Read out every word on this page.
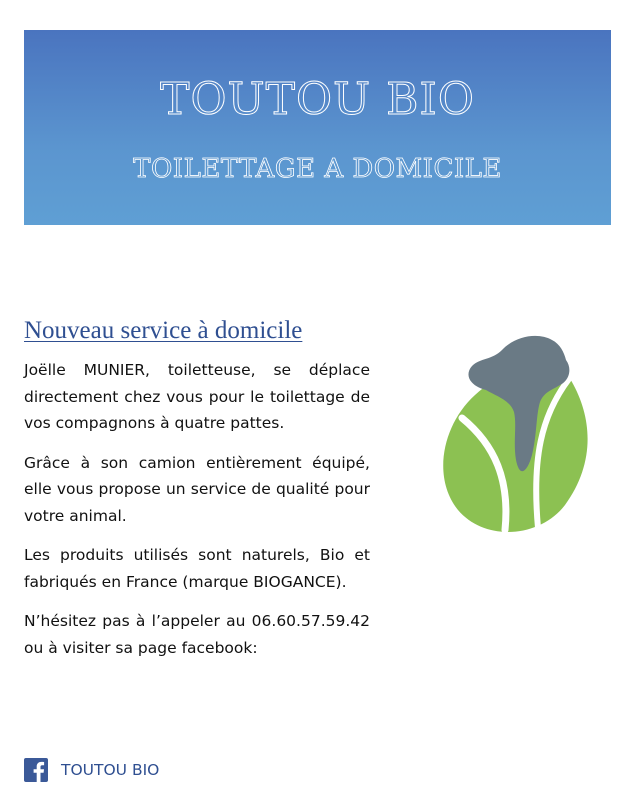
TOUTOU BIO
TOILETTAGE A DOMICILE
Nouveau service à domicile

Joëlle MUNIER, toiletteuse, se déplace directement chez vous pour le toilettage de vos compagnons à quatre pattes.

Grâce à son camion entièrement équipé, elle vous propose un service de qualité pour votre animal.

Les produits utilisés sont naturels, Bio et fabriqués en France (marque BIOGANCE).

N’hésitez pas à l’appeler au 06.60.57.59.42 ou à visiter sa page facebook:

TOUTOU BIO
